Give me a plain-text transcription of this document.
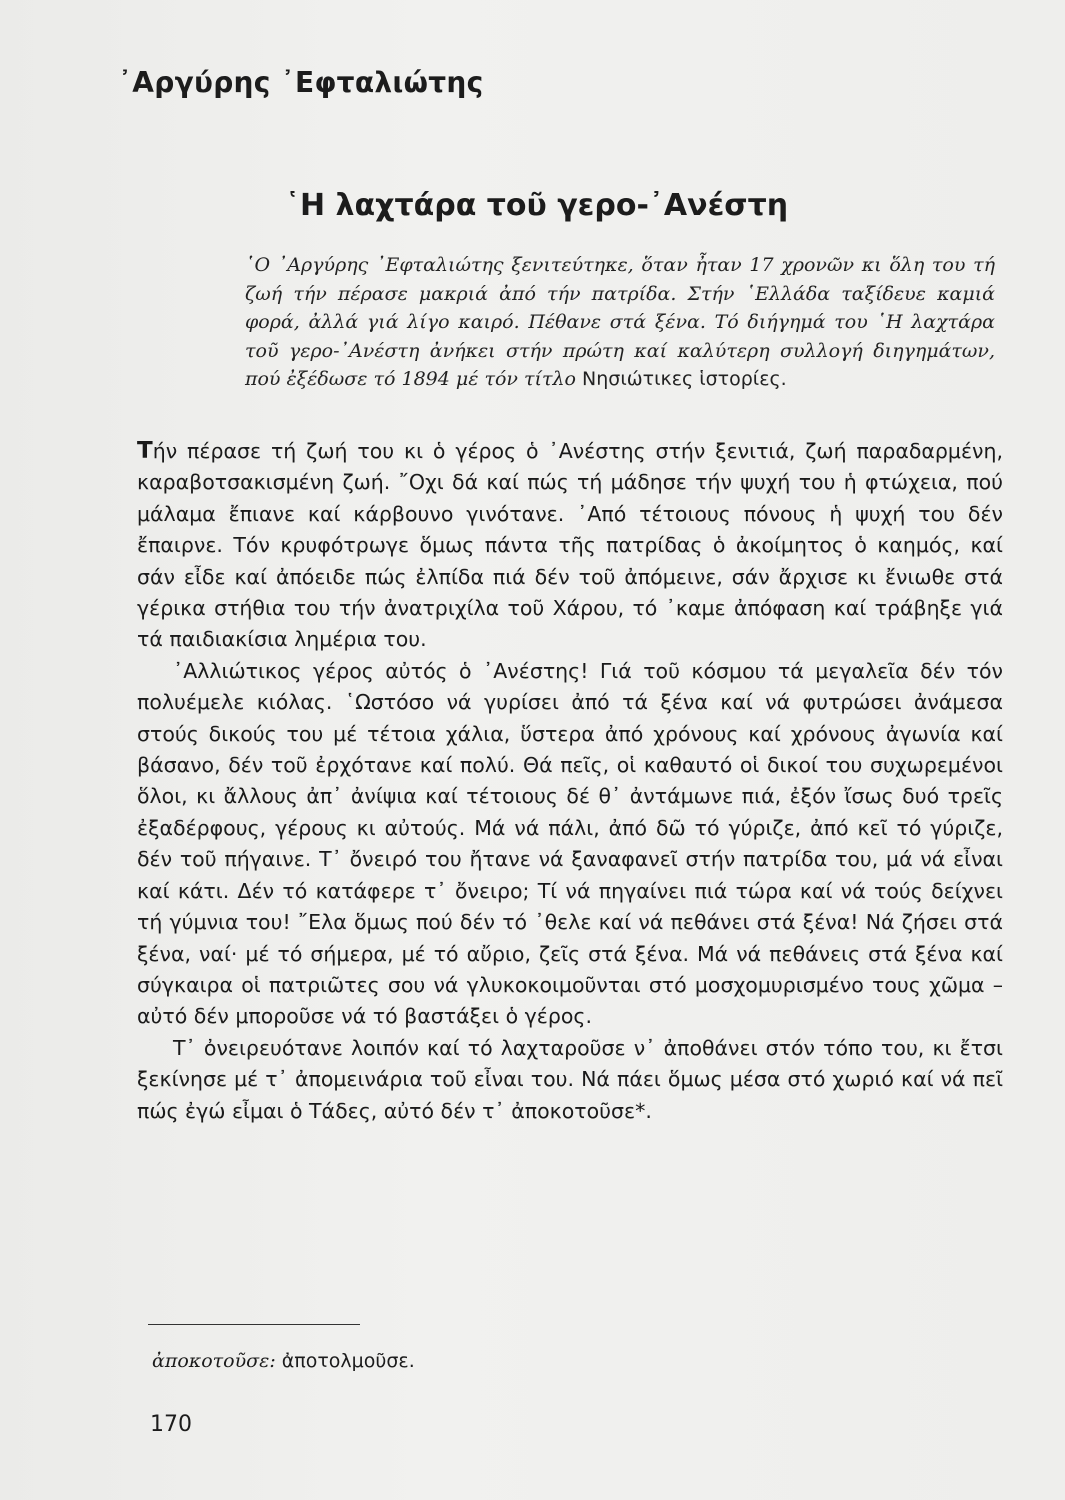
᾿Αργύρης ᾿Εφταλιώτης
῾Η λαχτάρα τοῦ γερο-᾿Ανέστη

῾Ο ᾿Αργύρης ᾿Εφταλιώτης ξενιτεύτηκε, ὅταν ἦταν 17 χρονῶν κι ὅλη του τή ζωή τήν πέρασε μακριά ἀπό τήν πατρίδα. Στήν ῾Ελλάδα ταξίδευε καμιά φορά, ἀλλά γιά λίγο καιρό. Πέθανε στά ξένα. Τό διήγημά του ῾Η λαχτάρα τοῦ γερο-᾿Ανέστη ἀνήκει στήν πρώτη καί καλύτερη συλλογή διηγημάτων, πού ἐξέδωσε τό 1894 μέ τόν τίτλο Νησιώτικες ἱστορίες.

Τήν πέρασε τή ζωή του κι ὁ γέρος ὁ ᾿Ανέστης στήν ξενιτιά, ζωή παραδαρμένη, καραβοτσακισμένη ζωή. ῎Οχι δά καί πώς τή μάδησε τήν ψυχή του ἡ φτώχεια, πού μάλαμα ἔπιανε καί κάρβουνο γινότανε. ᾿Από τέτοιους πόνους ἡ ψυχή του δέν ἔπαιρνε. Τόν κρυφότρωγε ὅμως πάντα τῆς πατρίδας ὁ ἀκοίμητος ὁ καημός, καί σάν εἶδε καί ἀπόειδε πώς ἐλπίδα πιά δέν τοῦ ἀπόμεινε, σάν ἄρχισε κι ἔνιωθε στά γέρικα στήθια του τήν ἀνατριχίλα τοῦ Χάρου, τό ᾿καμε ἀπόφαση καί τράβηξε γιά τά παιδιακίσια λημέρια του.

᾿Αλλιώτικος γέρος αὐτός ὁ ᾿Ανέστης! Γιά τοῦ κόσμου τά μεγαλεῖα δέν τόν πολυέμελε κιόλας. ῾Ωστόσο νά γυρίσει ἀπό τά ξένα καί νά φυτρώσει ἀνάμεσα στούς δικούς του μέ τέτοια χάλια, ὕστερα ἀπό χρόνους καί χρόνους ἀγωνία καί βάσανο, δέν τοῦ ἐρχότανε καί πολύ. Θά πεῖς, οἱ καθαυτό οἱ δικοί του συχωρεμένοι ὅλοι, κι ἄλλους ἀπ᾿ ἀνίψια καί τέτοιους δέ θ᾿ ἀντάμωνε πιά, ἐξόν ἴσως δυό τρεῖς ἐξαδέρφους, γέρους κι αὐτούς. Μά νά πάλι, ἀπό δῶ τό γύριζε, ἀπό κεῖ τό γύριζε, δέν τοῦ πήγαινε. Τ᾿ ὄνειρό του ἤτανε νά ξαναφανεῖ στήν πατρίδα του, μά νά εἶναι καί κάτι. Δέν τό κατάφερε τ᾿ ὄνειρο; Τί νά πηγαίνει πιά τώρα καί νά τούς δείχνει τή γύμνια του! ῎Ελα ὅμως πού δέν τό ᾿θελε καί νά πεθάνει στά ξένα! Νά ζήσει στά ξένα, ναί· μέ τό σήμερα, μέ τό αὔριο, ζεῖς στά ξένα. Μά νά πεθάνεις στά ξένα καί σύγκαιρα οἱ πατριῶτες σου νά γλυκοκοιμοῦνται στό μοσχομυρισμένο τους χῶμα – αὐτό δέν μποροῦσε νά τό βαστάξει ὁ γέρος.

Τ᾿ ὀνειρευότανε λοιπόν καί τό λαχταροῦσε ν᾿ ἀποθάνει στόν τόπο του, κι ἔτσι ξεκίνησε μέ τ᾿ ἀπομεινάρια τοῦ εἶναι του. Νά πάει ὅμως μέσα στό χωριό καί νά πεῖ πώς ἐγώ εἶμαι ὁ Τάδες, αὐτό δέν τ᾿ ἀποκοτοῦσε*.

ἀποκοτοῦσε: ἀποτολμοῦσε.

170
